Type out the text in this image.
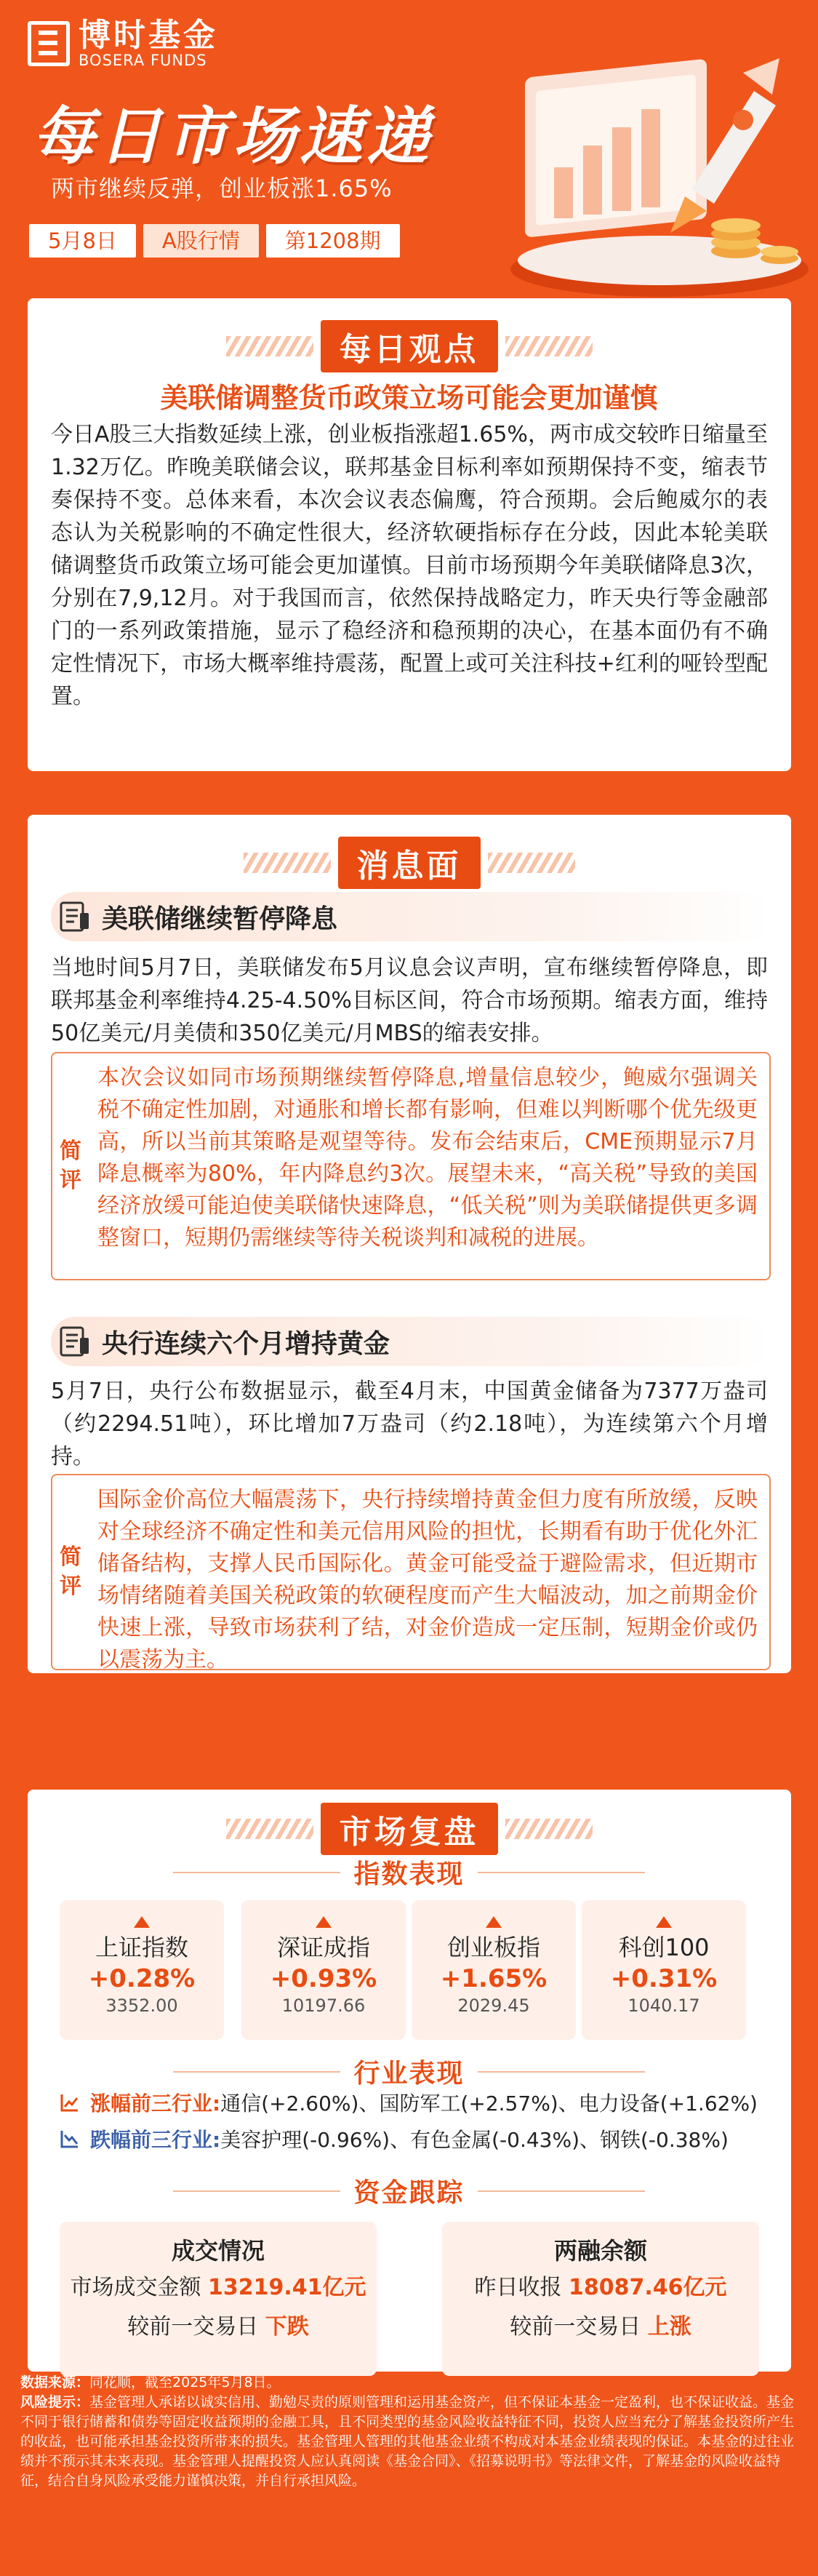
博时基金
BOSERA FUNDS
每日市场速递
两市继续反弹，创业板涨1.65%
5月8日	A股行情	第1208期
每日观点
美联储调整货币政策立场可能会更加谨慎
今日A股三大指数延续上涨，创业板指涨超1.65%，两市成交较昨日缩量至1.32万亿。昨晚美联储会议，联邦基金目标利率如预期保持不变，缩表节奏保持不变。总体来看，本次会议表态偏鹰，符合预期。会后鲍威尔的表态认为关税影响的不确定性很大，经济软硬指标存在分歧，因此本轮美联储调整货币政策立场可能会更加谨慎。目前市场预期今年美联储降息3次，分别在7,9,12月。对于我国而言，依然保持战略定力，昨天央行等金融部门的一系列政策措施，显示了稳经济和稳预期的决心，在基本面仍有不确定性情况下，市场大概率维持震荡，配置上或可关注科技+红利的哑铃型配置。
消息面
美联储继续暂停降息
当地时间5月7日，美联储发布5月议息会议声明，宣布继续暂停降息，即联邦基金利率维持4.25-4.50%目标区间，符合市场预期。缩表方面，维持50亿美元/月美债和350亿美元/月MBS的缩表安排。
简
评
本次会议如同市场预期继续暂停降息,增量信息较少，鲍威尔强调关税不确定性加剧，对通胀和增长都有影响，但难以判断哪个优先级更高，所以当前其策略是观望等待。发布会结束后，CME预期显示7月降息概率为80%，年内降息约3次。展望未来，“高关税”导致的美国经济放缓可能迫使美联储快速降息，“低关税”则为美联储提供更多调整窗口，短期仍需继续等待关税谈判和减税的进展。
央行连续六个月增持黄金
5月7日，央行公布数据显示，截至4月末，中国黄金储备为7377万盎司（约2294.51吨），环比增加7万盎司（约2.18吨），为连续第六个月增持。
简
评
国际金价高位大幅震荡下，央行持续增持黄金但力度有所放缓，反映对全球经济不确定性和美元信用风险的担忧，长期看有助于优化外汇储备结构，支撑人民币国际化。黄金可能受益于避险需求，但近期市场情绪随着美国关税政策的软硬程度而产生大幅波动，加之前期金价快速上涨，导致市场获利了结，对金价造成一定压制，短期金价或仍以震荡为主。
市场复盘
指数表现
上证指数
+0.28%
3352.00
深证成指
+0.93%
10197.66
创业板指
+1.65%
2029.45
科创100
+0.31%
1040.17
行业表现
涨幅前三行业: 通信(+2.60%)、国防军工(+2.57%)、电力设备(+1.62%)
跌幅前三行业: 美容护理(-0.96%)、有色金属(-0.43%)、钢铁(-0.38%)
资金跟踪
成交情况
市场成交金额 13219.41亿元
较前一交易日 下跌
两融余额
昨日收报 18087.46亿元
较前一交易日 上涨
数据来源：同花顺，截至2025年5月8日。
风险提示：基金管理人承诺以诚实信用、勤勉尽责的原则管理和运用基金资产，但不保证本基金一定盈利，也不保证收益。基金不同于银行储蓄和债券等固定收益预期的金融工具，且不同类型的基金风险收益特征不同，投资人应当充分了解基金投资所产生的收益，也可能承担基金投资所带来的损失。基金管理人管理的其他基金业绩不构成对本基金业绩表现的保证。本基金的过往业绩并不预示其未来表现。基金管理人提醒投资人应认真阅读《基金合同》、《招募说明书》等法律文件，了解基金的风险收益特征，结合自身风险承受能力谨慎决策，并自行承担风险。
